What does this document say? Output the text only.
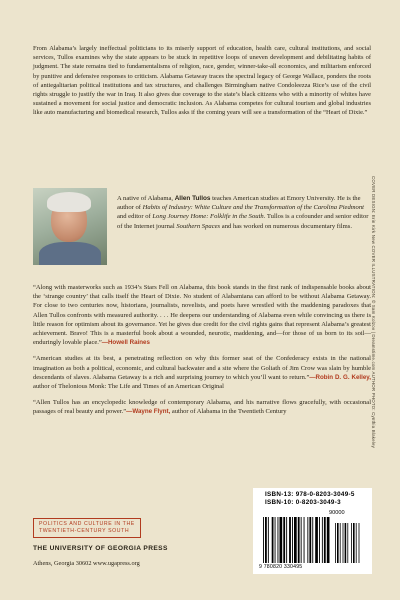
From Alabama’s largely ineffectual politicians to its miserly support of education, health care, cultural institutions, and social services, Tullos examines why the state appears to be stuck in repetitive loops of uneven development and debilitating habits of judgment. The state remains tied to fundamentalisms of religion, race, gender, winner-take-all economics, and militarism enforced by punitive and defensive responses to criticism. Alabama Getaway traces the spectral legacy of George Wallace, ponders the roots of antiegalitarian political institutions and tax structures, and challenges Birmingham native Condoleezza Rice’s use of the civil rights struggle to justify the war in Iraq. It also gives due coverage to the state’s black citizens who with a minority of whites have sustained a movement for social justice and democratic inclusion. As Alabama competes for cultural tourism and global industries like auto manufacturing and biomedical research, Tullos asks if the coming years will see a transformation of the “Heart of Dixie.”

A native of Alabama, Allen Tullos teaches American studies at Emory University. He is the author of Habits of Industry: White Culture and the Transformation of the Carolina Piedmont and editor of Long Journey Home: Folklife in the South. Tullos is a cofounder and senior editor of the Internet journal Southern Spaces and has worked on numerous documentary films.

“Along with masterworks such as 1934’s Stars Fell on Alabama, this book stands in the first rank of indispensable books about the ‘strange country’ that calls itself the Heart of Dixie. No student of Alabamiana can afford to be without Alabama Getaway. For close to two centuries now, historians, journalists, novelists, and poets have wrestled with the maddening paradoxes that Allen Tullos confronts with measured authority. . . . He deepens our understanding of Alabama even while convincing us there is little reason for optimism about its governance. Yet he gives due credit for the civil rights gains that represent Alabama’s greatest achievement. Bravo! This is a masterful book about a wounded, neurotic, maddening, and—for those of us born to its soil—enduringly lovable place.”—Howell Raines

“American studies at its best, a penetrating reflection on why this former seat of the Confederacy exists in the national imagination as both a political, economic, and cultural backwater and a site where the Goliath of Jim Crow was slain by humble descendants of slaves. Alabama Getaway is a rich and surprising journey to which you’ll want to return.”—Robin D. G. Kelley, author of Thelonious Monk: The Life and Times of an American Original

“Allen Tullos has an encyclopedic knowledge of contemporary Alabama, and his narrative flows gracefully, with occasional passages of real beauty and power.”—Wayne Flynt, author of Alabama in the Twentieth Century

POLITICS AND CULTURE IN THE
TWENTIETH-CENTURY SOUTH
THE UNIVERSITY OF GEORGIA PRESS
Athens, Georgia 30602 www.ugapress.org
ISBN-13: 978-0-8203-3049-5
ISBN-10: 0-8203-3049-3
90000
9 780820 330495
COVER DESIGN: Erin Kirk New COVER ILLUSTRATION: © Sam Kolzov | Dreamstime.com AUTHOR PHOTO: Cynthia Blakeley
